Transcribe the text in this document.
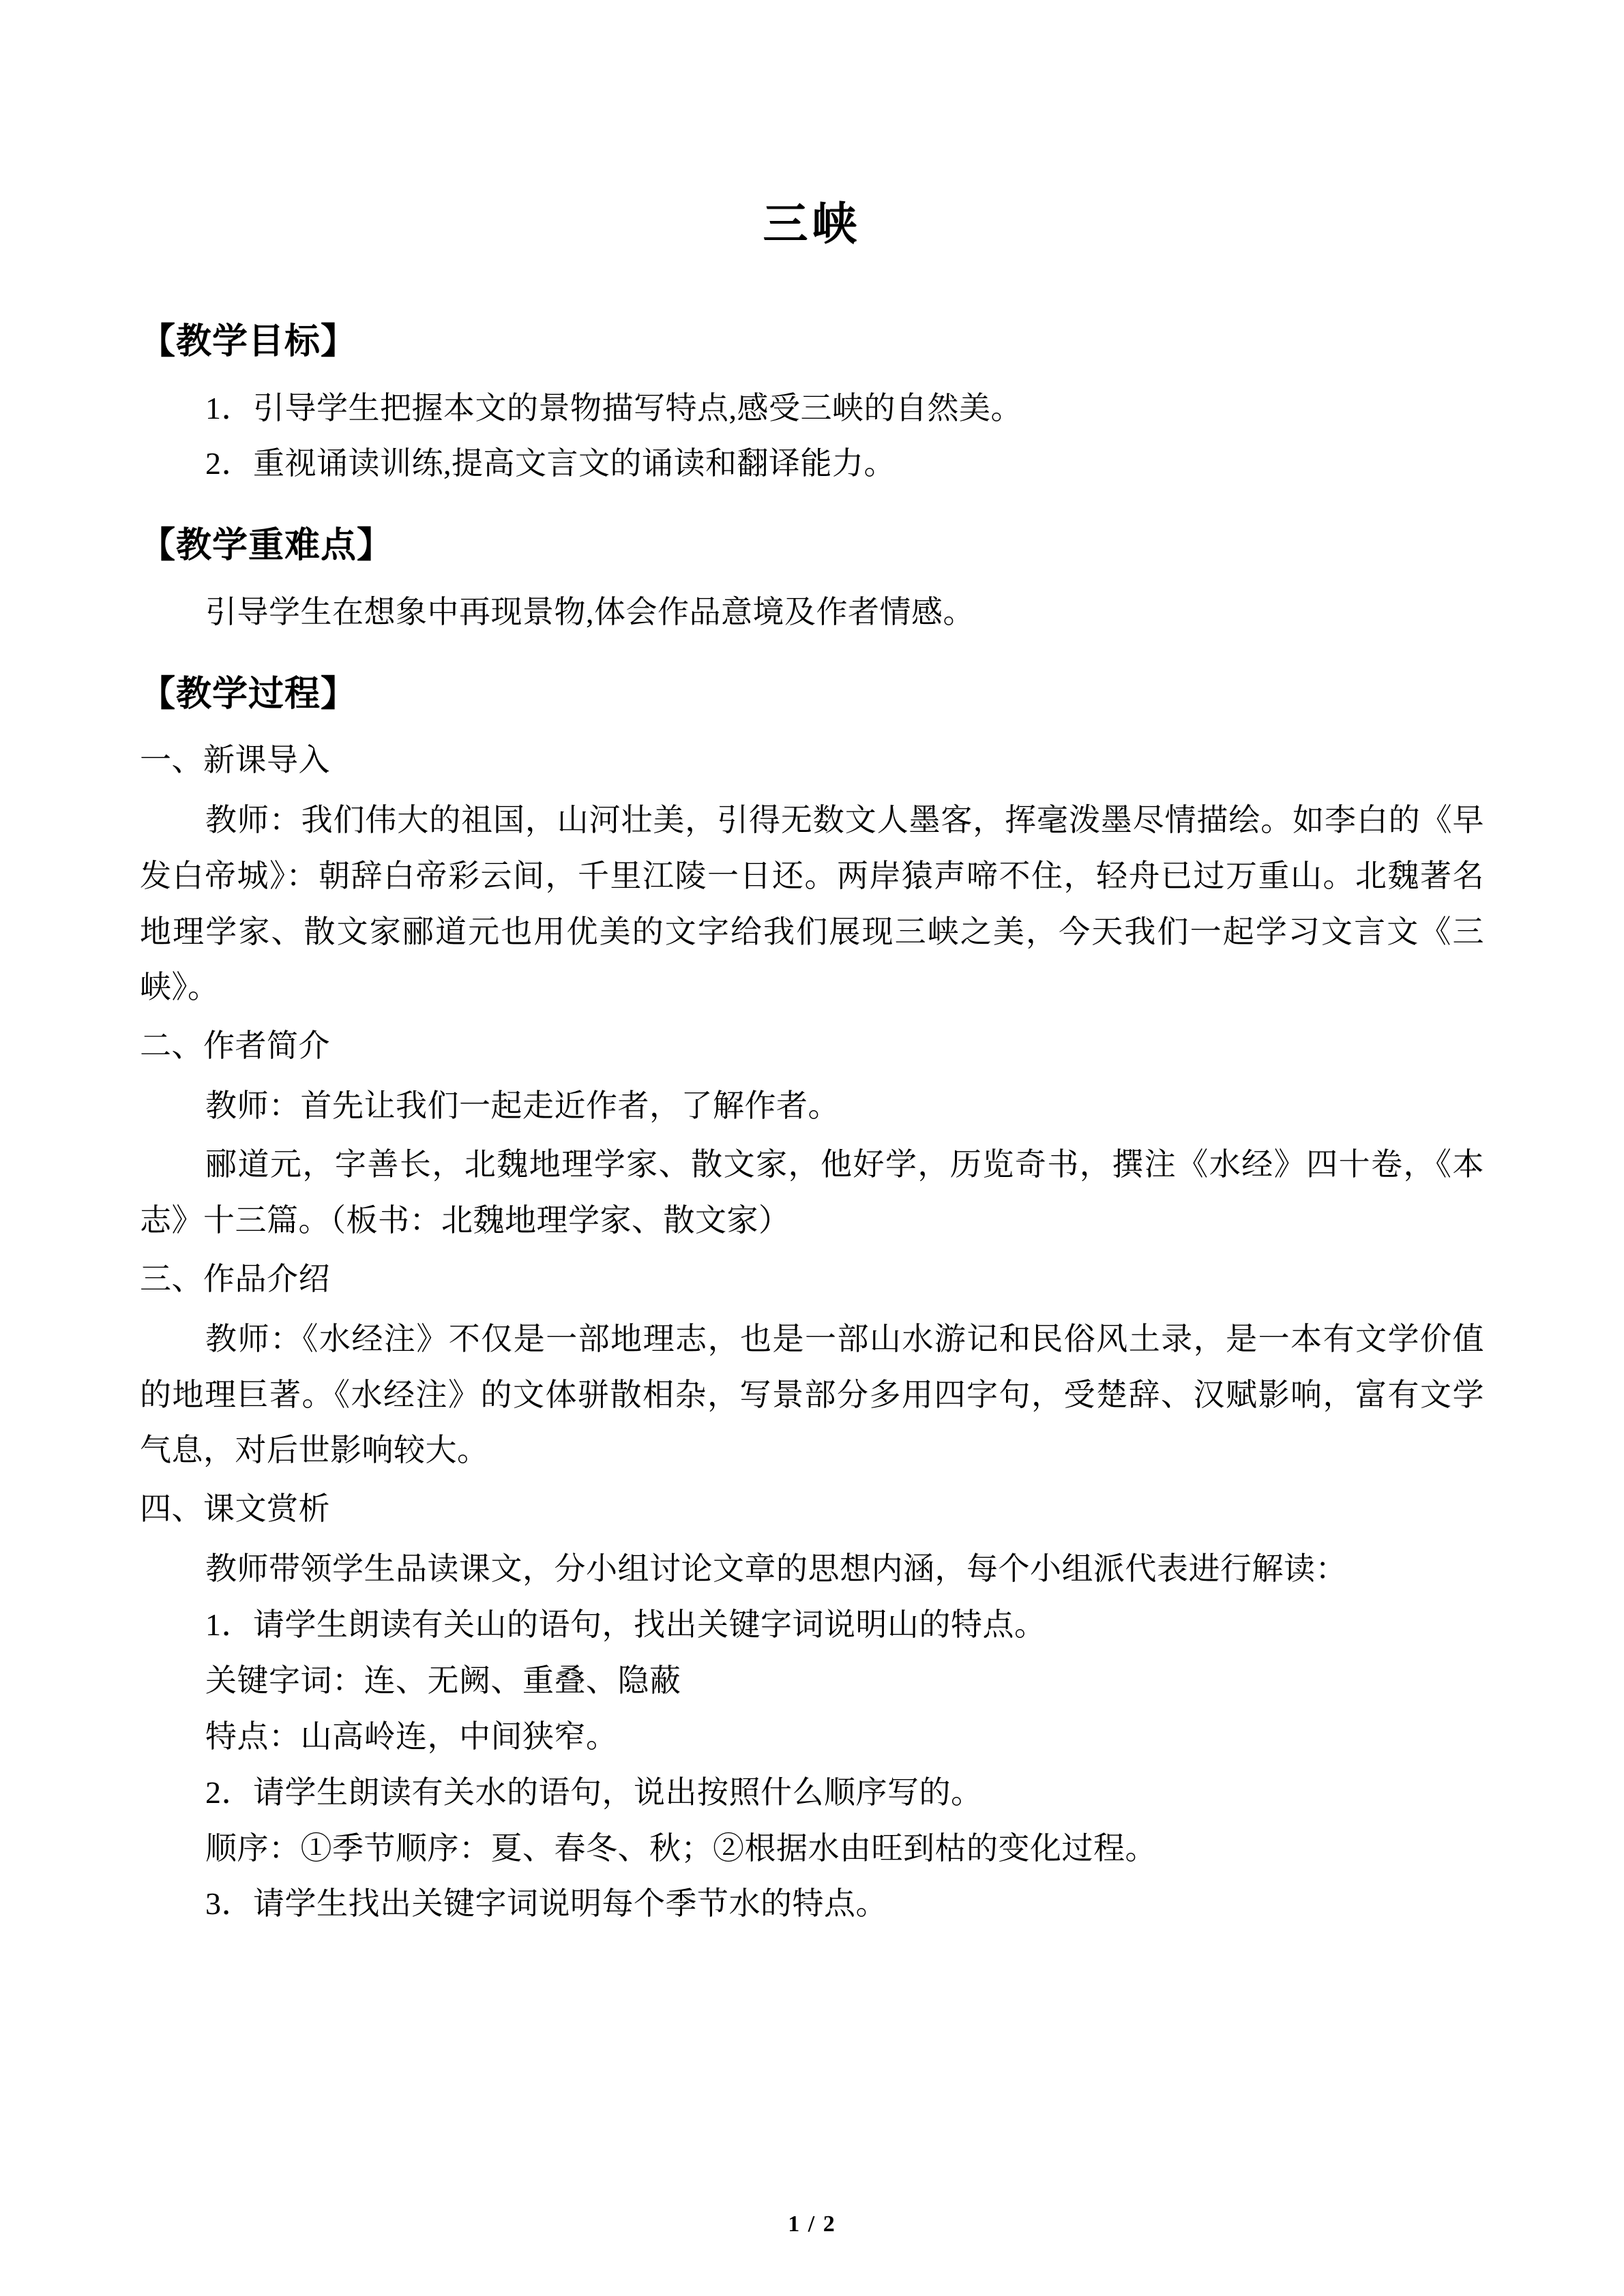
三峡
【教学目标】

1．引导学生把握本文的景物描写特点,感受三峡的自然美。

2．重视诵读训练,提高文言文的诵读和翻译能力。

【教学重难点】

引导学生在想象中再现景物,体会作品意境及作者情感。

【教学过程】

一、新课导入

教师：我们伟大的祖国，山河壮美，引得无数文人墨客，挥毫泼墨尽情描绘。如李白的《早发白帝城》：朝辞白帝彩云间，千里江陵一日还。两岸猿声啼不住，轻舟已过万重山。北魏著名地理学家、散文家郦道元也用优美的文字给我们展现三峡之美，今天我们一起学习文言文《三峡》。

二、作者简介

教师：首先让我们一起走近作者，了解作者。

郦道元，字善长，北魏地理学家、散文家，他好学，历览奇书，撰注《水经》四十卷，《本志》十三篇。（板书：北魏地理学家、散文家）

三、作品介绍

教师：《水经注》不仅是一部地理志，也是一部山水游记和民俗风土录，是一本有文学价值的地理巨著。《水经注》的文体骈散相杂，写景部分多用四字句，受楚辞、汉赋影响，富有文学气息，对后世影响较大。

四、课文赏析

教师带领学生品读课文，分小组讨论文章的思想内涵，每个小组派代表进行解读：

1．请学生朗读有关山的语句，找出关键字词说明山的特点。

关键字词：连、无阙、重叠、隐蔽

特点：山高岭连，中间狭窄。

2．请学生朗读有关水的语句，说出按照什么顺序写的。

顺序：①季节顺序：夏、春冬、秋；②根据水由旺到枯的变化过程。

3．请学生找出关键字词说明每个季节水的特点。

1 / 2
